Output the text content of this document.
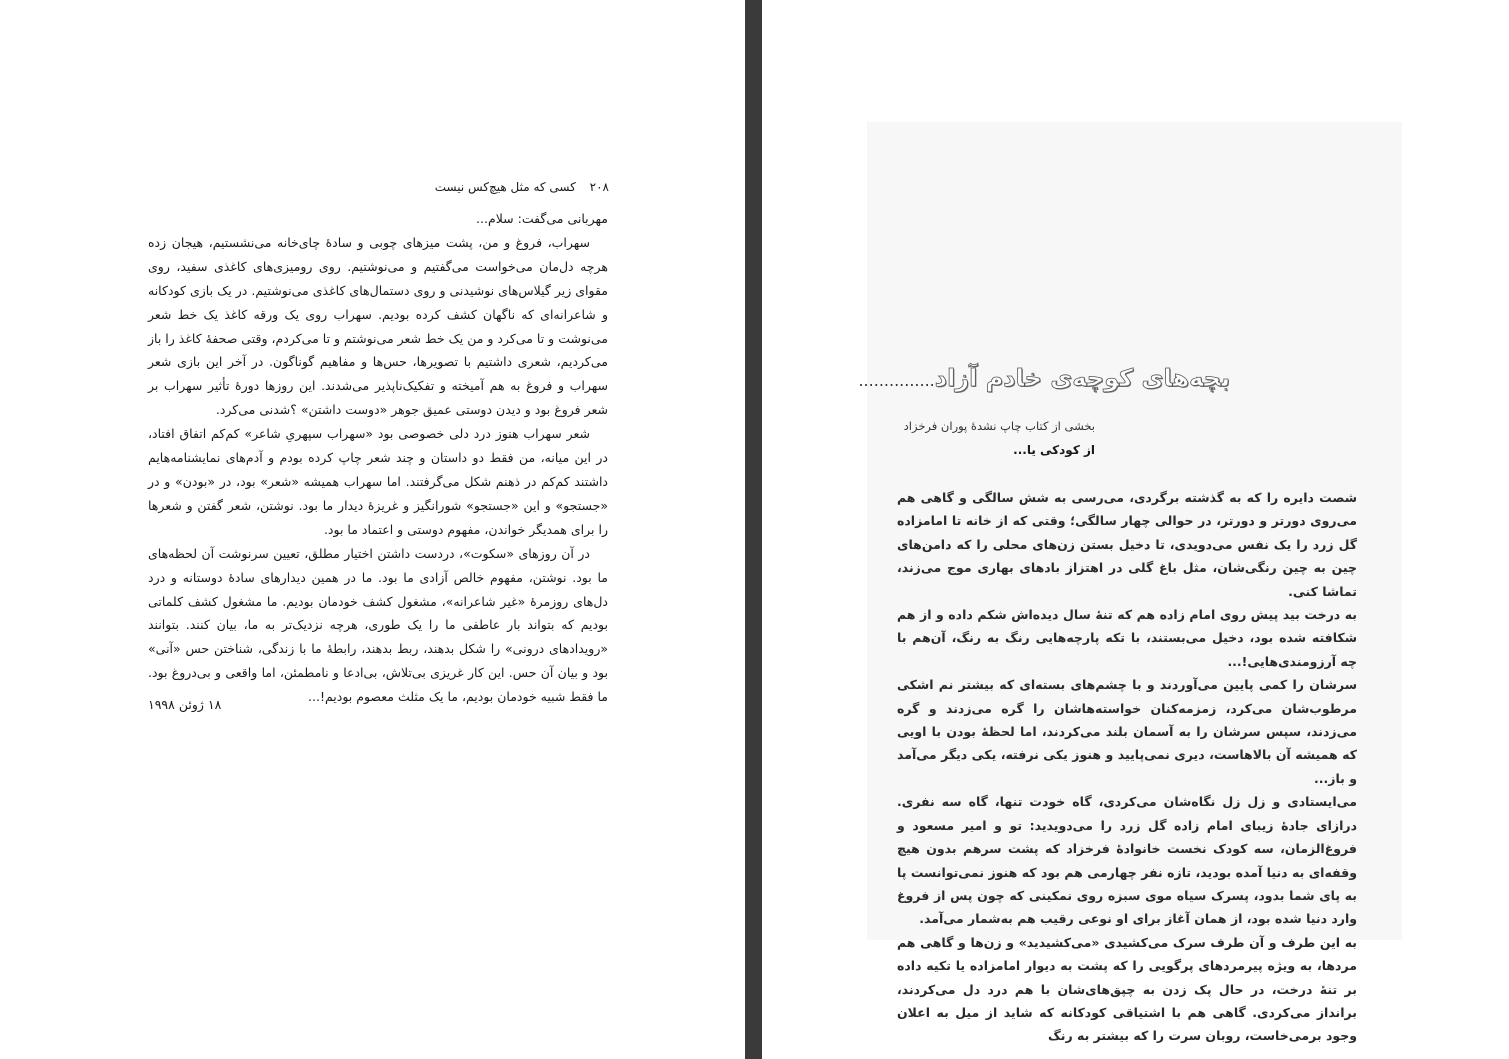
۲۰۸ کسی که مثل هیچ‌کس نیست

مهربانی می‌گفت: سلام...

سهراب، فروغ و من، پشت میزهای چوبی و سادهٔ چای‌خانه می‌نشستیم، هیجان زده هرچه دل‌مان می‌خواست می‌گفتیم و می‌نوشتیم. روی رومیزی‌های کاغذی سفید، روی مقوای زیر گیلاس‌های نوشیدنی و روی دستمال‌های کاغذی می‌نوشتیم. در یک بازی کودکانه و شاعرانه‌ای که ناگهان کشف کرده بودیم. سهراب روی یک ورقه کاغذ یک خط شعر می‌نوشت و تا می‌کرد و من یک خط شعر می‌نوشتم و تا می‌کردم، وقتی صحفهٔ کاغذ را باز می‌کردیم، شعری داشتیم با تصویرها، حس‌ها و مفاهیم گوناگون. در آخر این بازی شعر سهراب و فروغ به هم آمیخته و تفکیک‌ناپذیر می‌شدند. این روزها دورهٔ تأثیر سهراب بر شعر فروغ بود و دیدن دوستی عمیق جوهر «دوست داشتن» ؟شدنی می‌کرد.

شعر سهراب هنوز درد دلی خصوصی بود «سهراب سپهریِ شاعر» کم‌کم اتفاق افتاد، در این میانه، من فقط دو داستان و چند شعر چاپ کرده بودم و آدم‌های نمایشنامه‌هایم داشتند کم‌کم در ذهنم شکل می‌گرفتند. اما سهراب همیشه «شعر» بود، در «بودن» و در «جستجو» و این «جستجو» شورانگیز و غریزهٔ دیدار ما بود. نوشتن، شعر گفتن و شعرها را برای همدیگر خواندن، مفهوم دوستی و اعتماد ما بود.

در آن روزهای «سکوت»، دردست داشتن اختیار مطلق، تعیین سرنوشت آن لحظه‌های ما بود. نوشتن، مفهوم خالص آزادی ما بود. ما در همین دیدارهای سادهٔ دوستانه و درد دل‌های روزمرهٔ «غیر شاعرانه»، مشغول کشف خودمان بودیم. ما مشغول کشف کلماتی بودیم که بتواند بار عاطفی ما را یک طوری، هرچه نزدیک‌تر به ما، بیان کنند. بتوانند «رویدادهای درونی» را شکل بدهند، ربط بدهند، رابطهٔ ما با زندگی، شناختن حس «آنی» بود و بیان آن حس. این کار غریزی بی‌تلاش، بی‌ادعا و نامطمئن، اما واقعی و بی‌دروغ بود. ما فقط شبیه خودمان بودیم، ما یک مثلث معصوم بودیم!...

۱۸ ژوئن ۱۹۹۸
بچه‌های کوچه‌ی خادم آزاد...............
بخشی از کتاب چاپ نشدهٔ پوران فرخزاد
از کودکی یا...

شصت دایره را که به گذشته برگردی، می‌رسی به شش سالگی و گاهی هم می‌روی دورتر و دورتر، در حوالی چهار سالگی؛ وقتی که از خانه تا امامزاده گل زرد را یک نفس می‌دویدی، تا دخیل بستن زن‌های محلی را که دامن‌های چین به چین رنگی‌شان، مثل باغ گلی در اهتزاز بادهای بهاری موج می‌زند، تماشا کنی.

به درخت بید پیش روی امام زاده هم که تنهٔ سال دیده‌اش شکم داده و از هم شکافته شده بود، دخیل می‌بستند، با تکه پارچه‌هایی رنگ به رنگ، آن‌هم با چه آرزومندی‌هایی!...

سرشان را کمی پایین می‌آوردند و با چشم‌های بسته‌ای که بیشتر نم اشکی مرطوب‌شان می‌کرد، زمزمه‌کنان خواسته‌هاشان را گره می‌زدند و گره می‌زدند، سپس سرشان را به آسمان بلند می‌کردند، اما لحظهٔ بودن با اویی که همیشه آن بالاهاست، دیری نمی‌پایید و هنوز یکی نرفته، یکی دیگر می‌آمد و باز...

می‌ایستادی و زل زل نگاه‌شان می‌کردی، گاه خودت تنها، گاه سه نفری. درازای جادهٔ زیبای امام زاده گل زرد را می‌دویدید: تو و امیر مسعود و فروغ‌الزمان، سه کودک نخست خانوادهٔ فرخزاد که پشت سرهم بدون هیچ وقفه‌ای به دنیا آمده بودید، تازه نفر چهارمی هم بود که هنوز نمی‌توانست پا به پای شما بدود، پسرک سیاه موی سبزه روی نمکینی که چون پس از فروغ وارد دنیا شده بود، از همان آغاز برای او نوعی رقیب هم به‌شمار می‌آمد.

به این طرف و آن طرف سرک می‌کشیدی «می‌کشیدید» و زن‌ها و گاهی هم مردها، به ویژه پیرمردهای پرگویی را که پشت به دیوار امامزاده یا تکیه داده بر تنهٔ درخت، در حال پک زدن به چپق‌های‌شان با هم درد دل می‌کردند، برانداز می‌کردی. گاهی هم با اشتیاقی کودکانه که شاید از میل به اعلان وجود برمی‌خاست، روبان سرت را که بیشتر به رنگ
